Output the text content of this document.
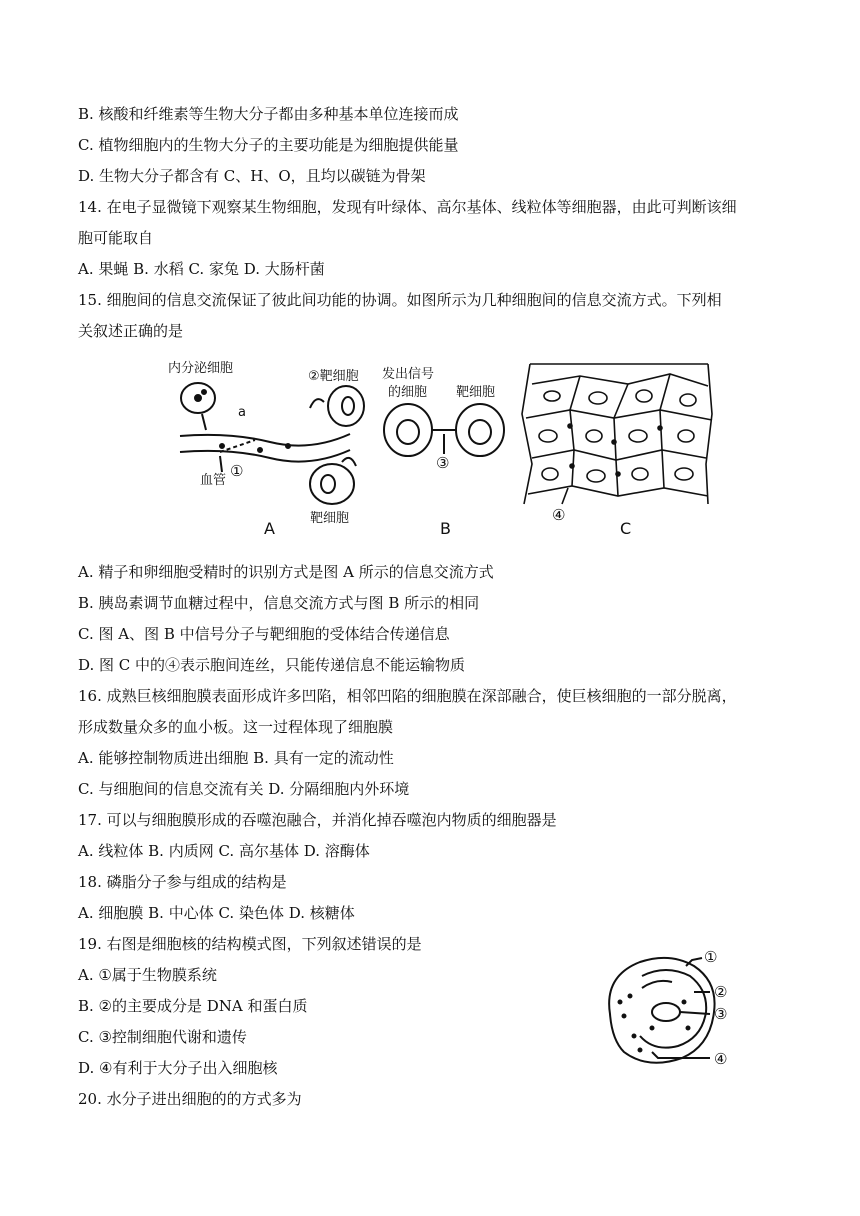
B. 核酸和纤维素等生物大分子都由多种基本单位连接而成
C. 植物细胞内的生物大分子的主要功能是为细胞提供能量
D. 生物大分子都含有 C、H、O，且均以碳链为骨架
14. 在电子显微镜下观察某生物细胞，发现有叶绿体、高尔基体、线粒体等细胞器，由此可判断该细
胞可能取自
A. 果蝇 B. 水稻 C. 家兔 D. 大肠杆菌
15. 细胞间的信息交流保证了彼此间功能的协调。如图所示为几种细胞间的信息交流方式。下列相
关叙述正确的是
内分泌细胞
a
①
血管
②靶细胞
靶细胞
A
发出信号
的细胞 靶细胞
③
B
④
C
A. 精子和卵细胞受精时的识别方式是图 A 所示的信息交流方式
B. 胰岛素调节血糖过程中，信息交流方式与图 B 所示的相同
C. 图 A、图 B 中信号分子与靶细胞的受体结合传递信息
D. 图 C 中的④表示胞间连丝，只能传递信息不能运输物质
16. 成熟巨核细胞膜表面形成许多凹陷，相邻凹陷的细胞膜在深部融合，使巨核细胞的一部分脱离，
形成数量众多的血小板。这一过程体现了细胞膜
A. 能够控制物质进出细胞 B. 具有一定的流动性
C. 与细胞间的信息交流有关 D. 分隔细胞内外环境
17. 可以与细胞膜形成的吞噬泡融合，并消化掉吞噬泡内物质的细胞器是
A. 线粒体 B. 内质网 C. 高尔基体 D. 溶酶体
18. 磷脂分子参与组成的结构是
A. 细胞膜 B. 中心体 C. 染色体 D. 核糖体
19. 右图是细胞核的结构模式图，下列叙述错误的是
A. ①属于生物膜系统
B. ②的主要成分是 DNA 和蛋白质
C. ③控制细胞代谢和遗传
D. ④有利于大分子出入细胞核
20. 水分子进出细胞的的方式多为
①
②
③
④
